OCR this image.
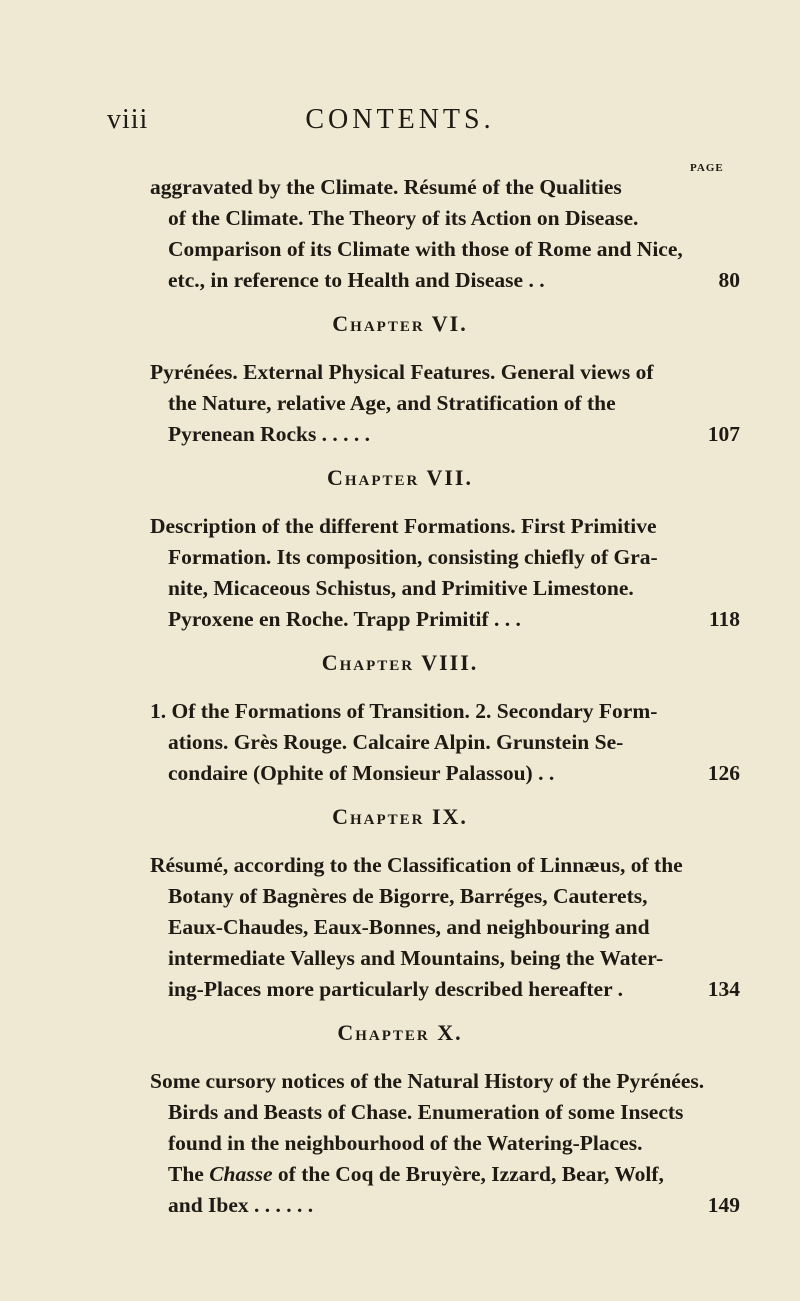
viii	CONTENTS.
PAGE
aggravated by the Climate. Résumé of the Qualities
of the Climate. The Theory of its Action on Disease.
Comparison of its Climate with those of Rome and Nice,
etc., in reference to Health and Disease . .	80
Chapter VI.
Pyrénées. External Physical Features. General views of
the Nature, relative Age, and Stratification of the
Pyrenean Rocks . . . . .	107
Chapter VII.
Description of the different Formations. First Primitive
Formation. Its composition, consisting chiefly of Gra-
nite, Micaceous Schistus, and Primitive Limestone.
Pyroxene en Roche. Trapp Primitif . . .	118
Chapter VIII.
1. Of the Formations of Transition. 2. Secondary Form-
ations. Grès Rouge. Calcaire Alpin. Grunstein Se-
condaire (Ophite of Monsieur Palassou) . .	126
Chapter IX.
Résumé, according to the Classification of Linnæus, of the
Botany of Bagnères de Bigorre, Barréges, Cauterets,
Eaux-Chaudes, Eaux-Bonnes, and neighbouring and
intermediate Valleys and Mountains, being the Water-
ing-Places more particularly described hereafter .	134
Chapter X.
Some cursory notices of the Natural History of the Pyrénées.
Birds and Beasts of Chase. Enumeration of some Insects
found in the neighbourhood of the Watering-Places.
The Chasse of the Coq de Bruyère, Izzard, Bear, Wolf,
and Ibex . . . . . .	149
